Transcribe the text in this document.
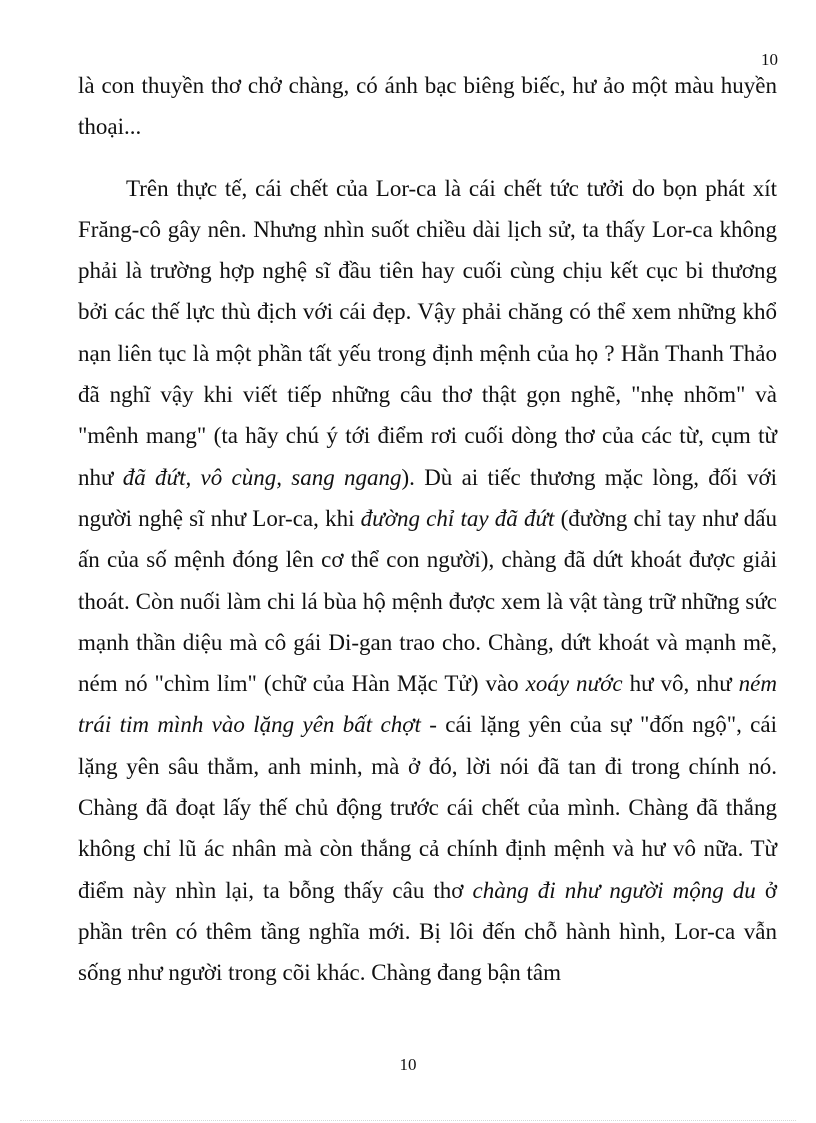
10

là con thuyền thơ chở chàng, có ánh bạc biêng biếc, hư ảo một màu huyền thoại...

Trên thực tế, cái chết của Lor-ca là cái chết tức tưởi do bọn phát xít Frăng-cô gây nên. Nhưng nhìn suốt chiều dài lịch sử, ta thấy Lor-ca không phải là trường hợp nghệ sĩ đầu tiên hay cuối cùng chịu kết cục bi thương bởi các thế lực thù địch với cái đẹp. Vậy phải chăng có thể xem những khổ nạn liên tục là một phần tất yếu trong định mệnh của họ ? Hằn Thanh Thảo đã nghĩ vậy khi viết tiếp những câu thơ thật gọn nghẽ, "nhẹ nhõm" và "mênh mang" (ta hãy chú ý tới điểm rơi cuối dòng thơ của các từ, cụm từ như đã đứt, vô cùng, sang ngang). Dù ai tiếc thương mặc lòng, đối với người nghệ sĩ như Lor-ca, khi đường chỉ tay đã đứt (đường chỉ tay như dấu ấn của số mệnh đóng lên cơ thể con người), chàng đã dứt khoát được giải thoát. Còn nuối làm chi lá bùa hộ mệnh được xem là vật tàng trữ những sức mạnh thần diệu mà cô gái Di-gan trao cho. Chàng, dứt khoát và mạnh mẽ, ném nó "chìm lỉm" (chữ của Hàn Mặc Tử) vào xoáy nước hư vô, như ném trái tim mình vào lặng yên bất chợt - cái lặng yên của sự "đốn ngộ", cái lặng yên sâu thẳm, anh minh, mà ở đó, lời nói đã tan đi trong chính nó. Chàng đã đoạt lấy thế chủ động trước cái chết của mình. Chàng đã thắng không chỉ lũ ác nhân mà còn thắng cả chính định mệnh và hư vô nữa. Từ điểm này nhìn lại, ta bỗng thấy câu thơ chàng đi như người mộng du ở phần trên có thêm tầng nghĩa mới. Bị lôi đến chỗ hành hình, Lor-ca vẫn sống như người trong cõi khác. Chàng đang bận tâm

10
